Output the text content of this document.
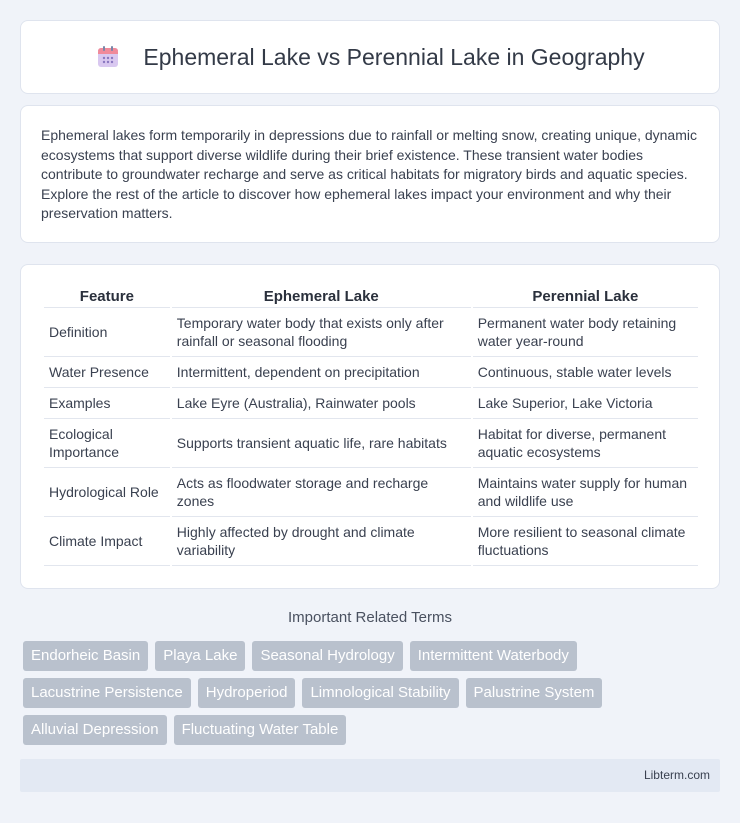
Ephemeral Lake vs Perennial Lake in Geography

Ephemeral lakes form temporarily in depressions due to rainfall or melting snow, creating unique, dynamic ecosystems that support diverse wildlife during their brief existence. These transient water bodies contribute to groundwater recharge and serve as critical habitats for migratory birds and aquatic species. Explore the rest of the article to discover how ephemeral lakes impact your environment and why their preservation matters.

Feature	Ephemeral Lake	Perennial Lake
Definition	Temporary water body that exists only after rainfall or seasonal flooding	Permanent water body retaining water year-round
Water Presence	Intermittent, dependent on precipitation	Continuous, stable water levels
Examples	Lake Eyre (Australia), Rainwater pools	Lake Superior, Lake Victoria
Ecological Importance	Supports transient aquatic life, rare habitats	Habitat for diverse, permanent aquatic ecosystems
Hydrological Role	Acts as floodwater storage and recharge zones	Maintains water supply for human and wildlife use
Climate Impact	Highly affected by drought and climate variability	More resilient to seasonal climate fluctuations
Important Related Terms
Endorheic Basin	Playa Lake	Seasonal Hydrology	Intermittent Waterbody
Lacustrine Persistence	Hydroperiod	Limnological Stability	Palustrine System
Alluvial Depression	Fluctuating Water Table
Libterm.com
